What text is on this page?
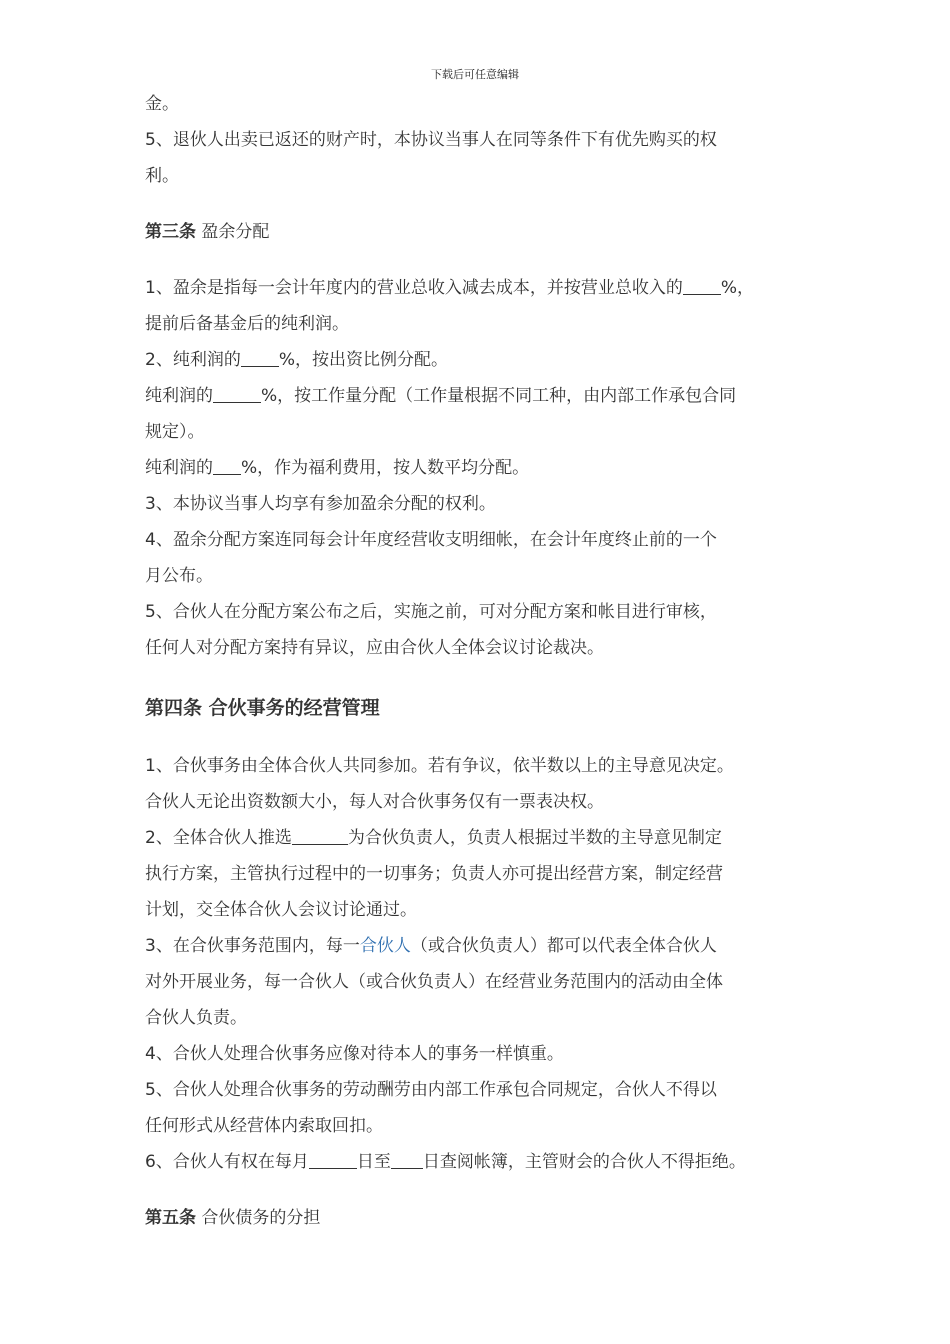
下载后可任意编辑
金。
5、退伙人出卖已返还的财产时，本协议当事人在同等条件下有优先购买的权
利。
第三条 盈余分配
1、盈余是指每一会计年度内的营业总收入减去成本，并按营业总收入的 %，
提前后备基金后的纯利润。
2、纯利润的 %，按出资比例分配。
纯利润的	%，按工作量分配（工作量根据不同工种，由内部工作承包合同
规定）。
纯利润的 %，作为福利费用，按人数平均分配。
3、本协议当事人均享有参加盈余分配的权利。
4、盈余分配方案连同每会计年度经营收支明细帐，在会计年度终止前的一个
月公布。
5、合伙人在分配方案公布之后，实施之前，可对分配方案和帐目进行审核，
任何人对分配方案持有异议，应由合伙人全体会议讨论裁决。
第四条 合伙事务的经营管理
1、合伙事务由全体合伙人共同参加。若有争议，依半数以上的主导意见决定。
合伙人无论出资数额大小，每人对合伙事务仅有一票表决权。
2、全体合伙人推选	为合伙负责人，负责人根据过半数的主导意见制定
执行方案，主管执行过程中的一切事务；负责人亦可提出经营方案，制定经营
计划，交全体合伙人会议讨论通过。
3、在合伙事务范围内，每一合伙人（或合伙负责人）都可以代表全体合伙人
对外开展业务，每一合伙人（或合伙负责人）在经营业务范围内的活动由全体
合伙人负责。
4、合伙人处理合伙事务应像对待本人的事务一样慎重。
5、合伙人处理合伙事务的劳动酬劳由内部工作承包合同规定，合伙人不得以
任何形式从经营体内索取回扣。
6、合伙人有权在每月	日至 日查阅帐簿，主管财会的合伙人不得拒绝。
第五条 合伙债务的分担
